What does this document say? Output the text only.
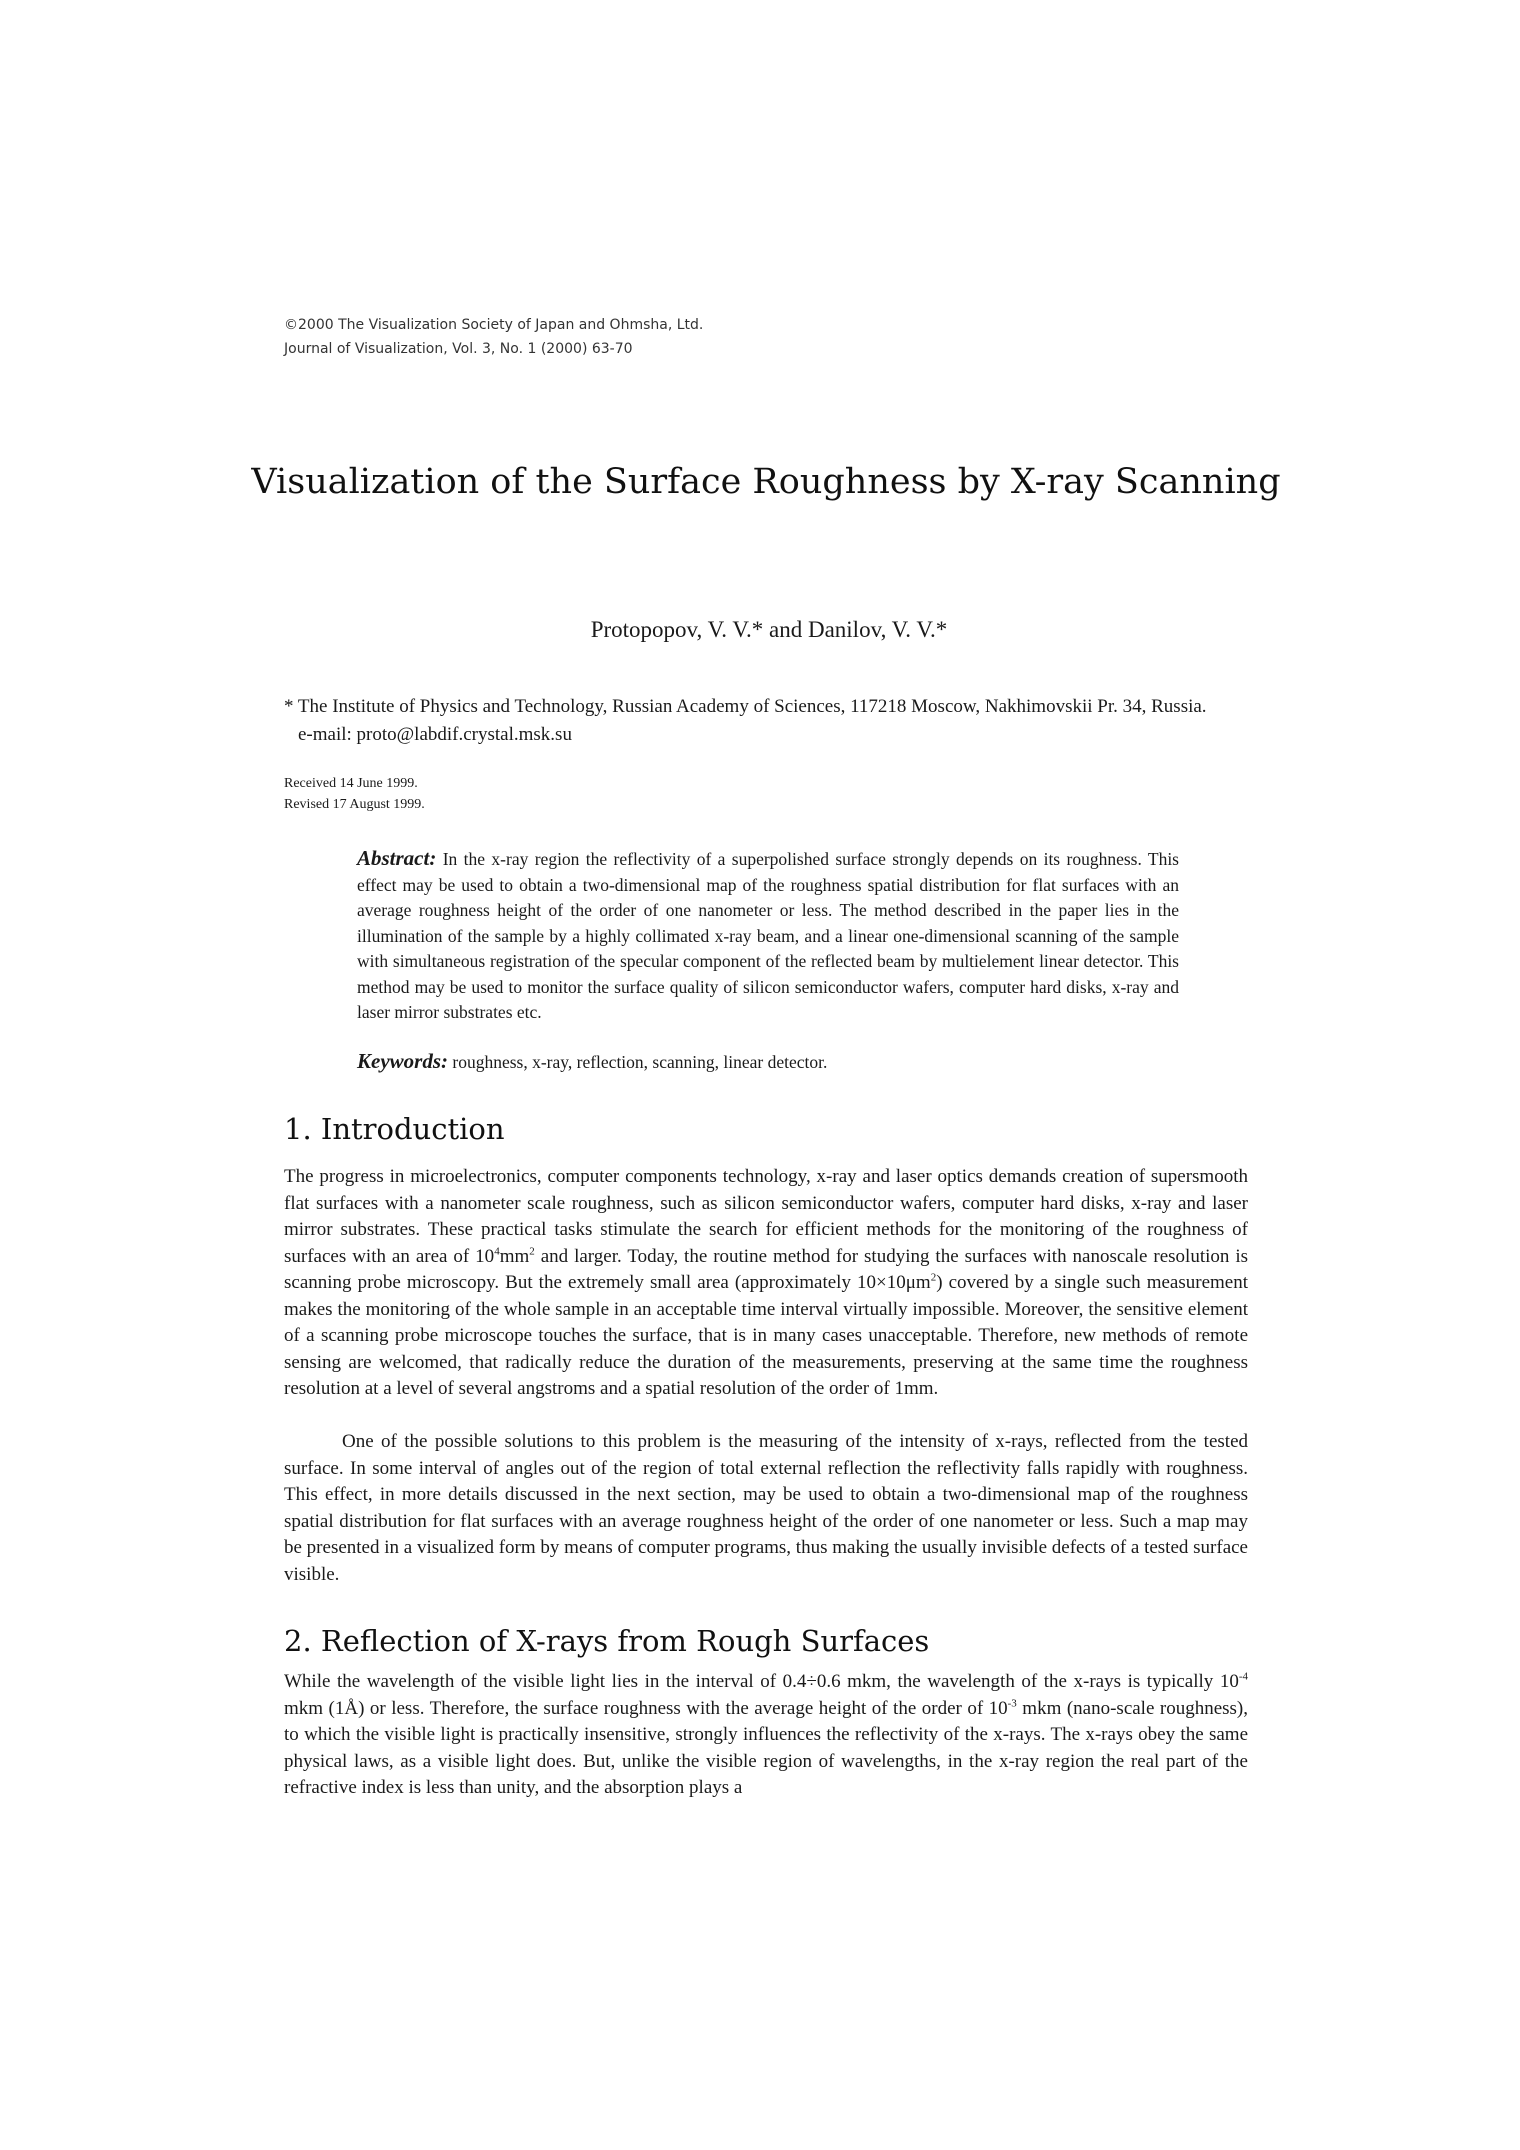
©2000 The Visualization Society of Japan and Ohmsha, Ltd.
Journal of Visualization, Vol. 3, No. 1 (2000) 63-70
Visualization of the Surface Roughness by X-ray Scanning
Protopopov, V. V.* and Danilov, V. V.*
* The Institute of Physics and Technology, Russian Academy of Sciences, 117218 Moscow, Nakhimovskii Pr. 34, Russia.
e-mail: proto@labdif.crystal.msk.su
Received 14 June 1999.
Revised 17 August 1999.
Abstract: In the x-ray region the reflectivity of a superpolished surface strongly depends on its roughness. This effect may be used to obtain a two-dimensional map of the roughness spatial distribution for flat surfaces with an average roughness height of the order of one nanometer or less. The method described in the paper lies in the illumination of the sample by a highly collimated x-ray beam, and a linear one-dimensional scanning of the sample with simultaneous registration of the specular component of the reflected beam by multielement linear detector. This method may be used to monitor the surface quality of silicon semiconductor wafers, computer hard disks, x-ray and laser mirror substrates etc.
Keywords: roughness, x-ray, reflection, scanning, linear detector.
1. Introduction

The progress in microelectronics, computer components technology, x-ray and laser optics demands creation of supersmooth flat surfaces with a nanometer scale roughness, such as silicon semiconductor wafers, computer hard disks, x-ray and laser mirror substrates. These practical tasks stimulate the search for efficient methods for the monitoring of the roughness of surfaces with an area of $10^4mm^2$ and larger. Today, the routine method for studying the surfaces with nanoscale resolution is scanning probe microscopy. But the extremely small area (approximately $10\times 10\mu m^2$) covered by a single such measurement makes the monitoring of the whole sample in an acceptable time interval virtually impossible. Moreover, the sensitive element of a scanning probe microscope touches the surface, that is in many cases unacceptable. Therefore, new methods of remote sensing are welcomed, that radically reduce the duration of the measurements, preserving at the same time the roughness resolution at a level of several angstroms and a spatial resolution of the order of 1mm.

One of the possible solutions to this problem is the measuring of the intensity of x-rays, reflected from the tested surface. In some interval of angles out of the region of total external reflection the reflectivity falls rapidly with roughness. This effect, in more details discussed in the next section, may be used to obtain a two-dimensional map of the roughness spatial distribution for flat surfaces with an average roughness height of the order of one nanometer or less. Such a map may be presented in a visualized form by means of computer programs, thus making the usually invisible defects of a tested surface visible.

2. Reflection of X-rays from Rough Surfaces

While the wavelength of the visible light lies in the interval of 0.4÷0.6 mkm, the wavelength of the x-rays is typically $10^{-4}$ mkm (1Å) or less. Therefore, the surface roughness with the average height of the order of $10^{-3}$ mkm (nano-scale roughness), to which the visible light is practically insensitive, strongly influences the reflectivity of the x-rays. The x-rays obey the same physical laws, as a visible light does. But, unlike the visible region of wavelengths, in the x-ray region the real part of the refractive index is less than unity, and the absorption plays a
